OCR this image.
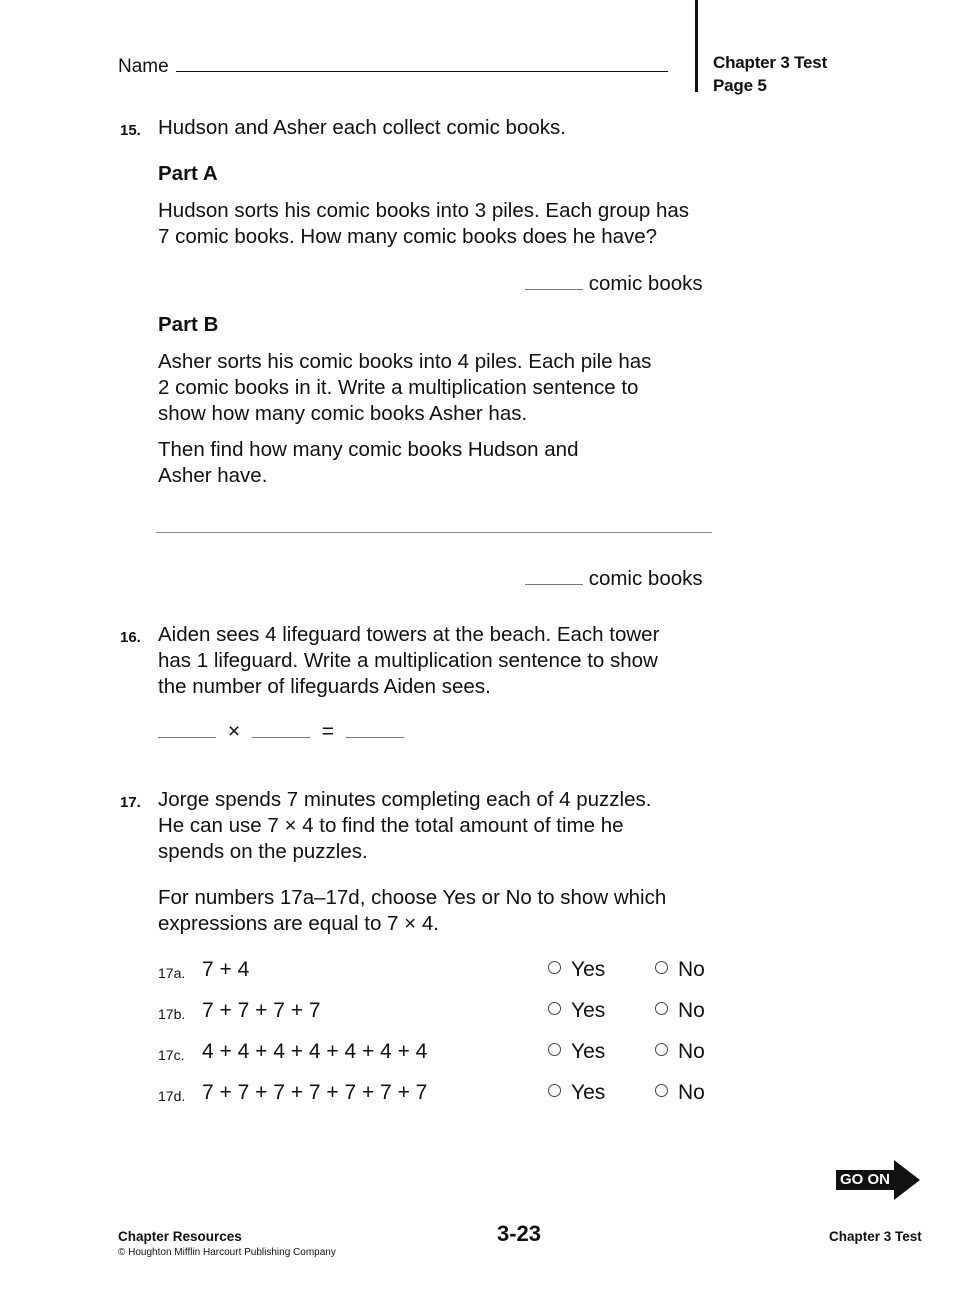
Name	Chapter 3 Test
Page 5
15. Hudson and Asher each collect comic books.
Part A
Hudson sorts his comic books into 3 piles. Each group has
7 comic books. How many comic books does he have?
comic books
Part B
Asher sorts his comic books into 4 piles. Each pile has
2 comic books in it. Write a multiplication sentence to
show how many comic books Asher has.
Then find how many comic books Hudson and
Asher have.
comic books
16. Aiden sees 4 lifeguard towers at the beach. Each tower
has 1 lifeguard. Write a multiplication sentence to show
the number of lifeguards Aiden sees.
×	=
17. Jorge spends 7 minutes completing each of 4 puzzles.
He can use 7 × 4 to find the total amount of time he
spends on the puzzles.
For numbers 17a–17d, choose Yes or No to show which
expressions are equal to 7 × 4.
17a. 7 + 4	Yes	No
17b. 7 + 7 + 7 + 7	Yes	No
17c. 4 + 4 + 4 + 4 + 4 + 4 + 4	Yes	No
17d. 7 + 7 + 7 + 7 + 7 + 7 + 7	Yes	No
GO ON
Chapter Resources
© Houghton Mifflin Harcourt Publishing Company
3-23	Chapter 3 Test
